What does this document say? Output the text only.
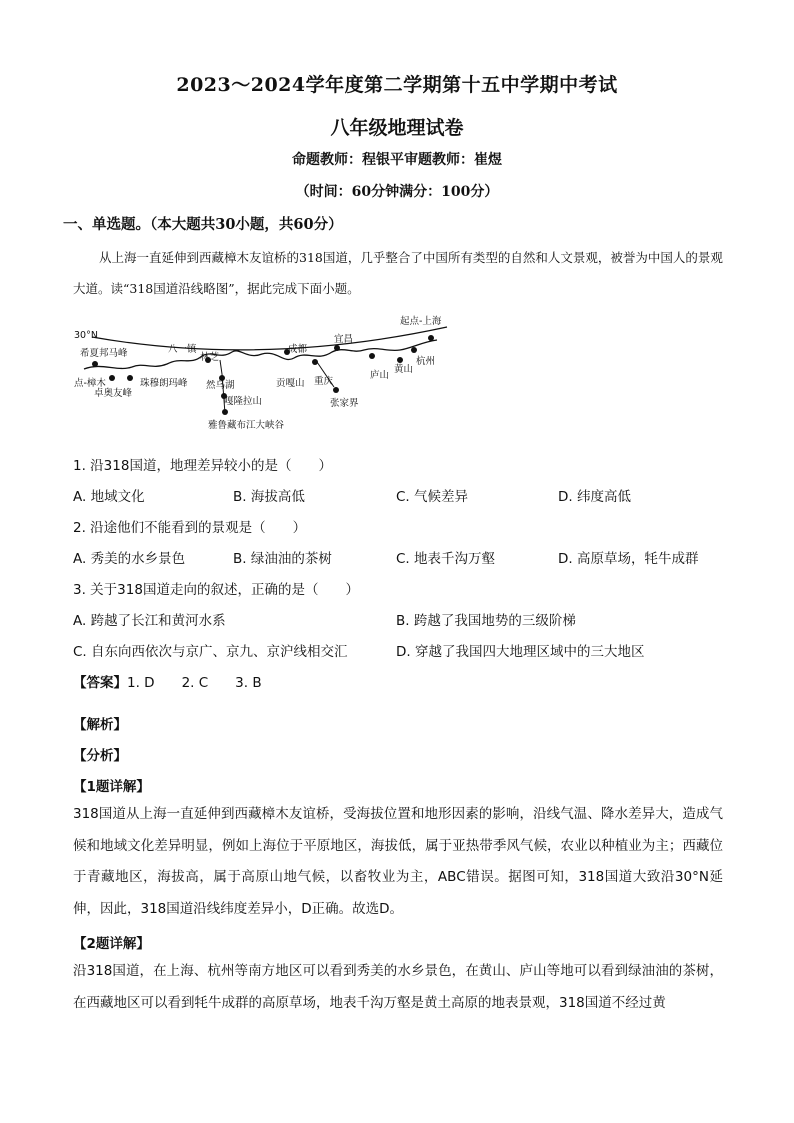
2023～2024学年度第二学期第十五中学期中考试
八年级地理试卷
命题教师：程银平审题教师：崔煜
（时间：60分钟满分：100分）
一、单选题。（本大题共30小题，共60分）
从上海一直延伸到西藏樟木友谊桥的318国道，几乎整合了中国所有类型的自然和人文景观，被誉为中国人的景观大道。读“318国道沿线略图”，据此完成下面小题。
30°N
希夏邦马峰
点-樟木
卓奥友峰
珠穆朗玛峰
八一镇
林芝
然乌湖
嘎隆拉山
雅鲁藏布江大峡谷
成都
贡嘎山
宜昌
重庆
张家界
起点-上海
杭州
庐山
黄山
1. 沿318国道，地理差异较小的是（　　）
A. 地域文化	B. 海拔高低	C. 气候差异	D. 纬度高低
2. 沿途他们不能看到的景观是（　　）
A. 秀美的水乡景色	B. 绿油油的茶树	C. 地表千沟万壑	D. 高原草场，牦牛成群
3. 关于318国道走向的叙述，正确的是（　　）
A. 跨越了长江和黄河水系	B. 跨越了我国地势的三级阶梯
C. 自东向西依次与京广、京九、京沪线相交汇	D. 穿越了我国四大地理区域中的三大地区
【答案】1. D　　2. C　　3. B
【解析】
【分析】
【1题详解】
318国道从上海一直延伸到西藏樟木友谊桥，受海拔位置和地形因素的影响，沿线气温、降水差异大，造成气候和地域文化差异明显，例如上海位于平原地区，海拔低，属于亚热带季风气候，农业以种植业为主；西藏位于青藏地区，海拔高，属于高原山地气候，以畜牧业为主，ABC错误。据图可知，318国道大致沿30°N延伸，因此，318国道沿线纬度差异小，D正确。故选D。
【2题详解】
沿318国道，在上海、杭州等南方地区可以看到秀美的水乡景色，在黄山、庐山等地可以看到绿油油的茶树，在西藏地区可以看到牦牛成群的高原草场，地表千沟万壑是黄土高原的地表景观，318国道不经过黄
